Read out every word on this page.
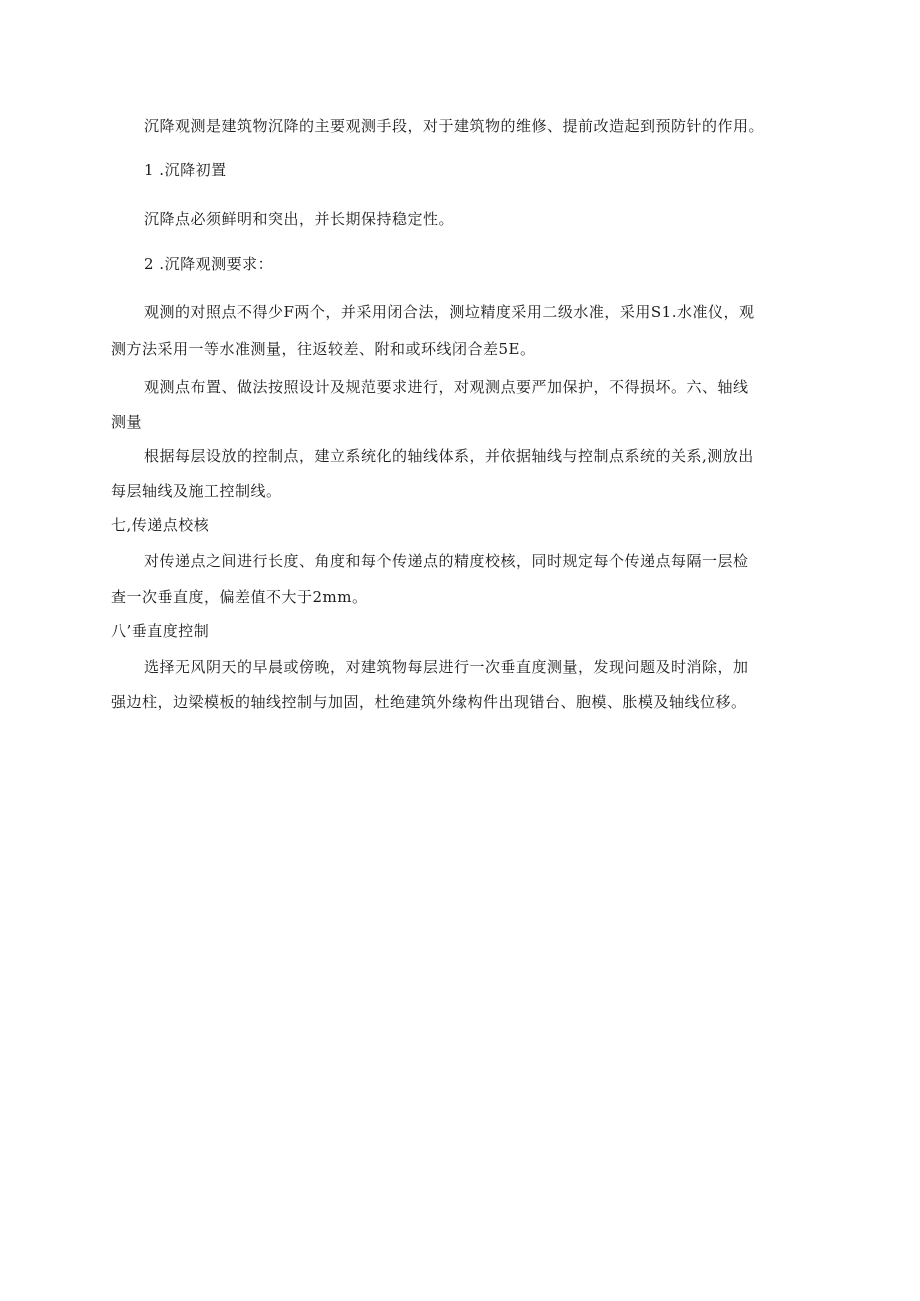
沉降观测是建筑物沉降的主要观测手段，对于建筑物的维修、提前改造起到预防针的作用。

1 .沉降初置

沉降点必须鲜明和突出，并长期保持稳定性。

2 .沉降观测要求：

观测的对照点不得少F两个，并采用闭合法，测垃精度采用二级水准，采用S1.水准仪，观

测方法采用一等水准测量，往返较差、附和或环线闭合差5E。

观测点布置、做法按照设计及规范要求进行，对观测点要严加保护，不得损坏。六、轴线

测量

根据每层设放的控制点，建立系统化的轴线体系，并依据轴线与控制点系统的关系,测放出

每层轴线及施工控制线。

七,传递点校核

对传递点之间进行长度、角度和每个传递点的精度校核，同时规定每个传递点每隔一层检

查一次垂直度，偏差值不大于2mm。

八’垂直度控制

选择无风阴天的早晨或傍晚，对建筑物每层进行一次垂直度测量，发现问题及时消除，加

强边柱，边梁模板的轴线控制与加固，杜绝建筑外缘构件出现错台、胞模、胀模及轴线位移。
